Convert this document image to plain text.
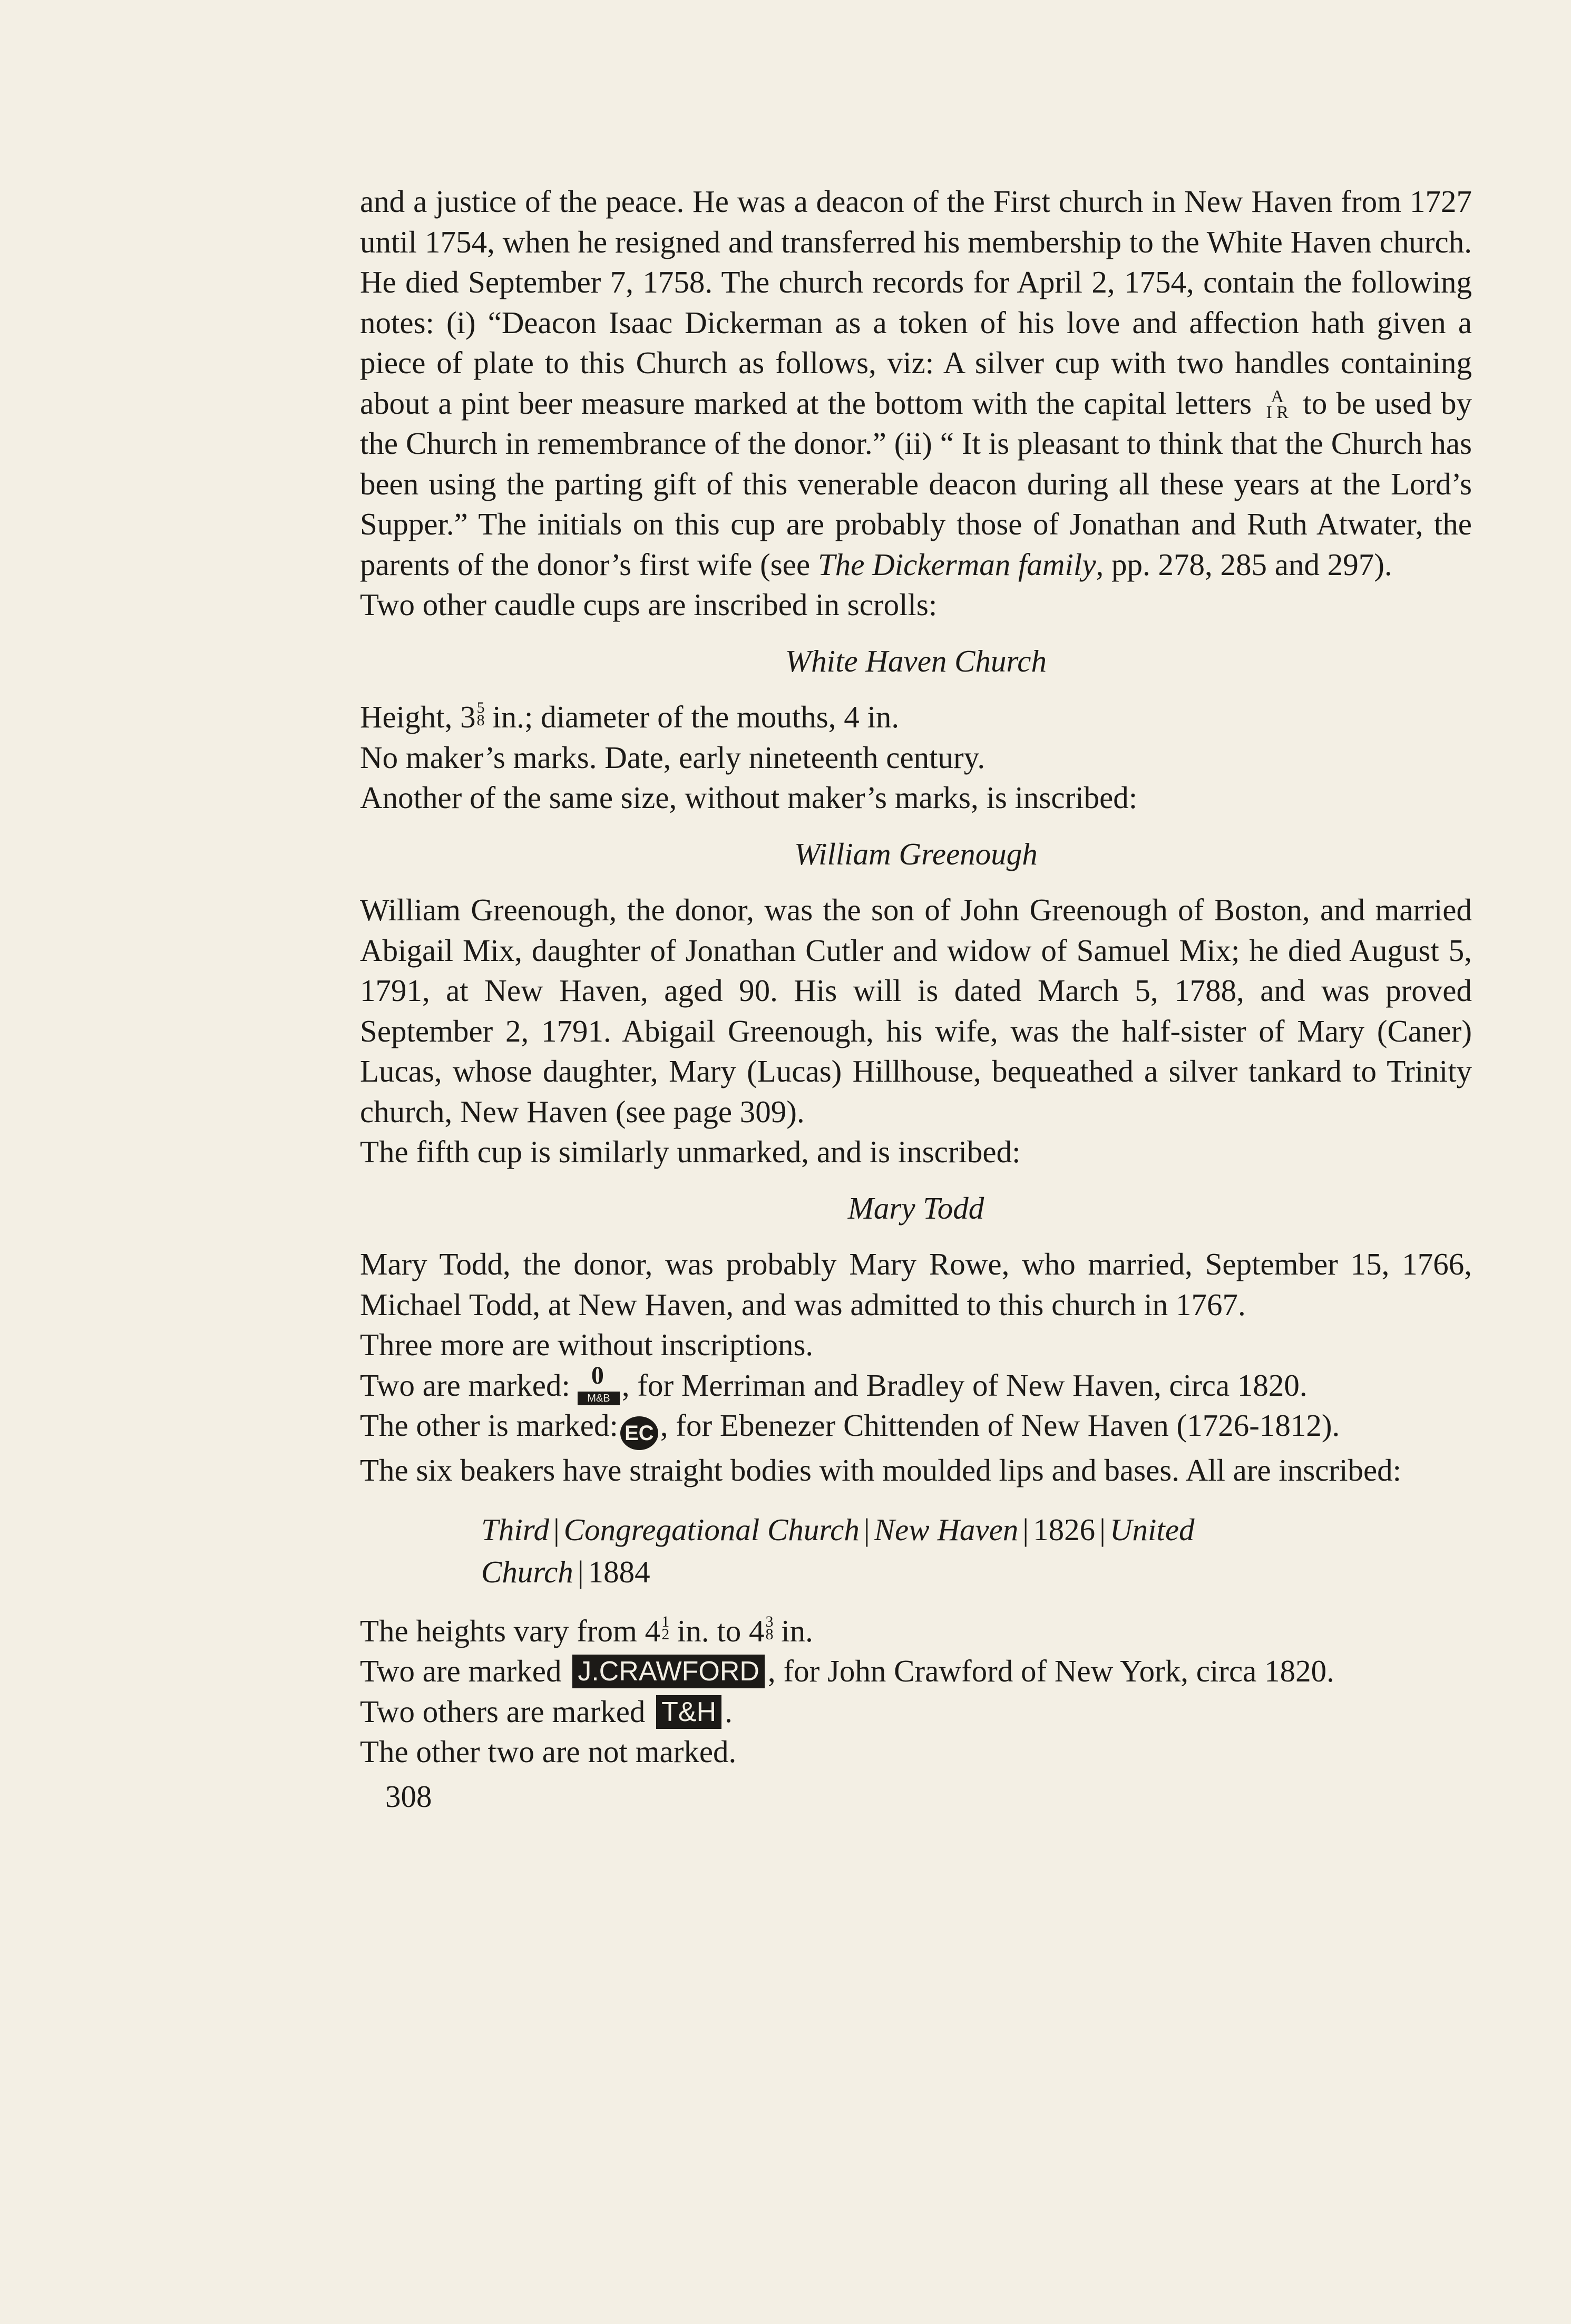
and a justice of the peace. He was a deacon of the First church in New Haven from 1727 until 1754, when he resigned and transferred his membership to the White Haven church. He died September 7, 1758. The church records for April 2, 1754, contain the following notes: (i) “Deacon Isaac Dickerman as a token of his love and affection hath given a piece of plate to this Church as follows, viz: A silver cup with two handles containing about a pint beer measure marked at the bottom with the capital letters A
I R to be used by the Church in remembrance of the donor.” (ii) “ It is pleasant to think that the Church has been using the parting gift of this venerable deacon during all these years at the Lord’s Supper.” The initials on this cup are probably those of Jonathan and Ruth Atwater, the parents of the donor’s first wife (see The Dickerman family, pp. 278, 285 and 297).

Two other caudle cups are inscribed in scrolls:

White Haven Church

Height, 3 5
8 in.; diameter of the mouths, 4 in.

No maker’s marks. Date, early nineteenth century.

Another of the same size, without maker’s marks, is inscribed:

William Greenough

William Greenough, the donor, was the son of John Greenough of Boston, and married Abigail Mix, daughter of Jonathan Cutler and widow of Samuel Mix; he died August 5, 1791, at New Haven, aged 90. His will is dated March 5, 1788, and was proved September 2, 1791. Abigail Greenough, his wife, was the half-sister of Mary (Caner) Lucas, whose daughter, Mary (Lucas) Hillhouse, bequeathed a silver tankard to Trinity church, New Haven (see page 309).

The fifth cup is similarly unmarked, and is inscribed:

Mary Todd

Mary Todd, the donor, was probably Mary Rowe, who married, September 15, 1766, Michael Todd, at New Haven, and was admitted to this church in 1767.

Three more are without inscriptions.

Two are marked: 0
M&B , for Merriman and Bradley of New Haven, circa 1820.

The other is marked: EC , for Ebenezer Chittenden of New Haven (1726-1812).

The six beakers have straight bodies with moulded lips and bases. All are inscribed:

Third | Congregational Church | New Haven | 1826 | United
Church | 1884

The heights vary from 4 1
2 in. to 4 3
8 in.

Two are marked J.CRAWFORD , for John Crawford of New York, circa 1820.

Two others are marked T&H .

The other two are not marked.

308
